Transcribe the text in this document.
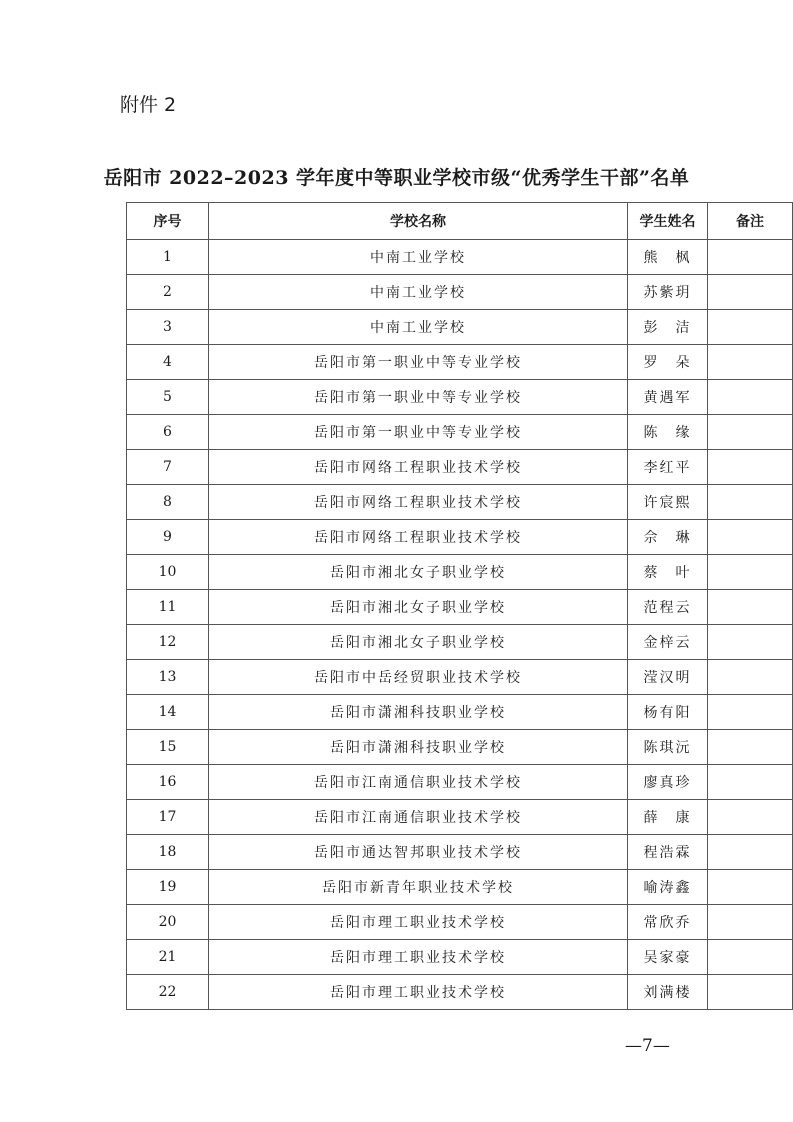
附件 2
岳阳市 2022–2023 学年度中等职业学校市级“优秀学生干部”名单
序号	学校名称	学生姓名	备注
1	中南工业学校	熊　枫	
2	中南工业学校	苏紫玥	
3	中南工业学校	彭　洁	
4	岳阳市第一职业中等专业学校	罗　朵	
5	岳阳市第一职业中等专业学校	黄遇军	
6	岳阳市第一职业中等专业学校	陈　缘	
7	岳阳市网络工程职业技术学校	李红平	
8	岳阳市网络工程职业技术学校	许宸熙	
9	岳阳市网络工程职业技术学校	佘　琳	
10	岳阳市湘北女子职业学校	蔡　叶	
11	岳阳市湘北女子职业学校	范程云	
12	岳阳市湘北女子职业学校	金梓云	
13	岳阳市中岳经贸职业技术学校	滢汉明	
14	岳阳市潇湘科技职业学校	杨有阳	
15	岳阳市潇湘科技职业学校	陈琪沅	
16	岳阳市江南通信职业技术学校	廖真珍	
17	岳阳市江南通信职业技术学校	薛　康	
18	岳阳市通达智邦职业技术学校	程浩霖	
19	岳阳市新青年职业技术学校	喻涛鑫	
20	岳阳市理工职业技术学校	常欣乔	
21	岳阳市理工职业技术学校	吴家豪	
22	岳阳市理工职业技术学校	刘满楼	
—7—
